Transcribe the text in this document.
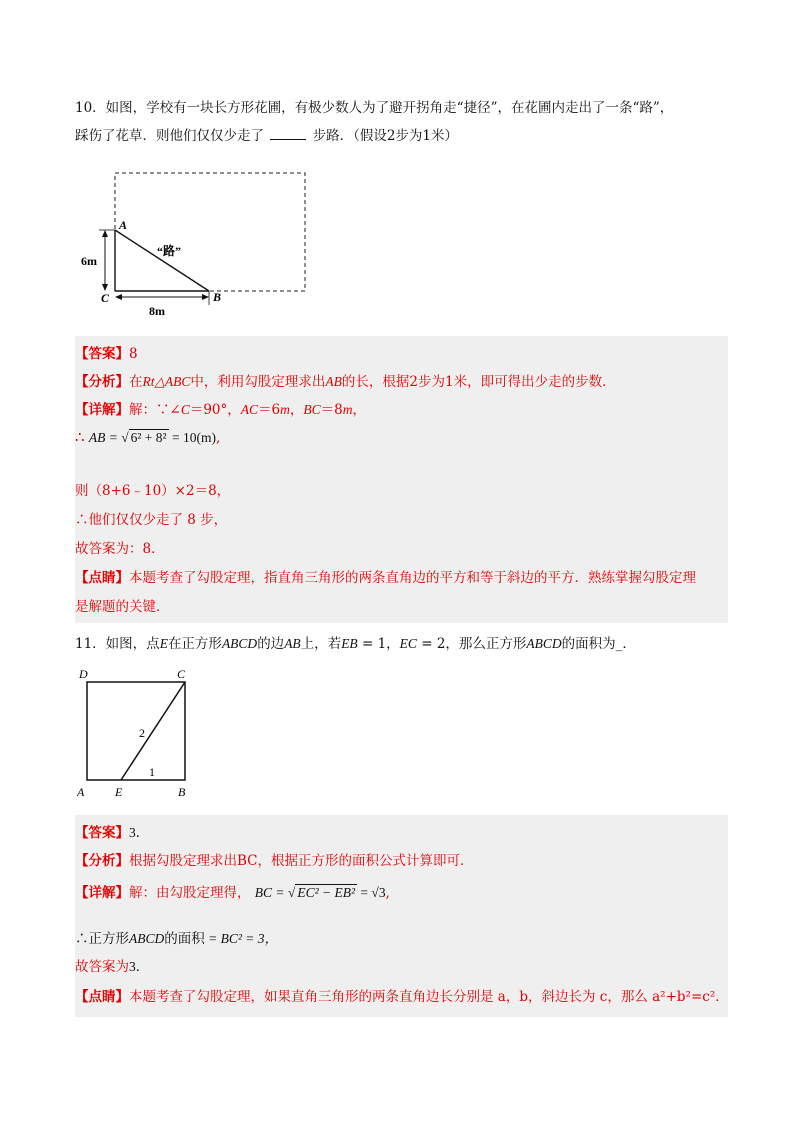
10．如图，学校有一块长方形花圃，有极少数人为了避开拐角走“捷径”，在花圃内走出了一条“路”，
踩伤了花草．则他们仅仅少走了	步路．（假设2步为1米）
A
C	B
6m
8m
“路”
【答案】8
【分析】在Rt△ABC中，利用勾股定理求出AB的长，根据2步为1米，即可得出少走的步数．
【详解】解：∵∠C＝90°，AC＝6m，BC＝8m，
∴ AB = √ 6² + 8² = 10(m),
则（8+6﹣10）×2＝8，
∴他们仅仅少走了 8 步，
故答案为：8．
【点睛】本题考查了勾股定理，指直角三角形的两条直角边的平方和等于斜边的平方．熟练掌握勾股定理
是解题的关键．
11．如图，点E在正方形ABCD的边AB上，若EB = 1，EC = 2，那么正方形ABCD的面积为_．
D	C
A	E	B
2
1
【答案】3．
【分析】根据勾股定理求出BC，根据正方形的面积公式计算即可．
【详解】解：由勾股定理得， BC = √ EC² − EB² = √3,
∴正方形ABCD的面积 = BC² = 3，
故答案为3．
【点睛】本题考查了勾股定理，如果直角三角形的两条直角边长分别是 a，b，斜边长为 c，那么 a²+b²=c²．
